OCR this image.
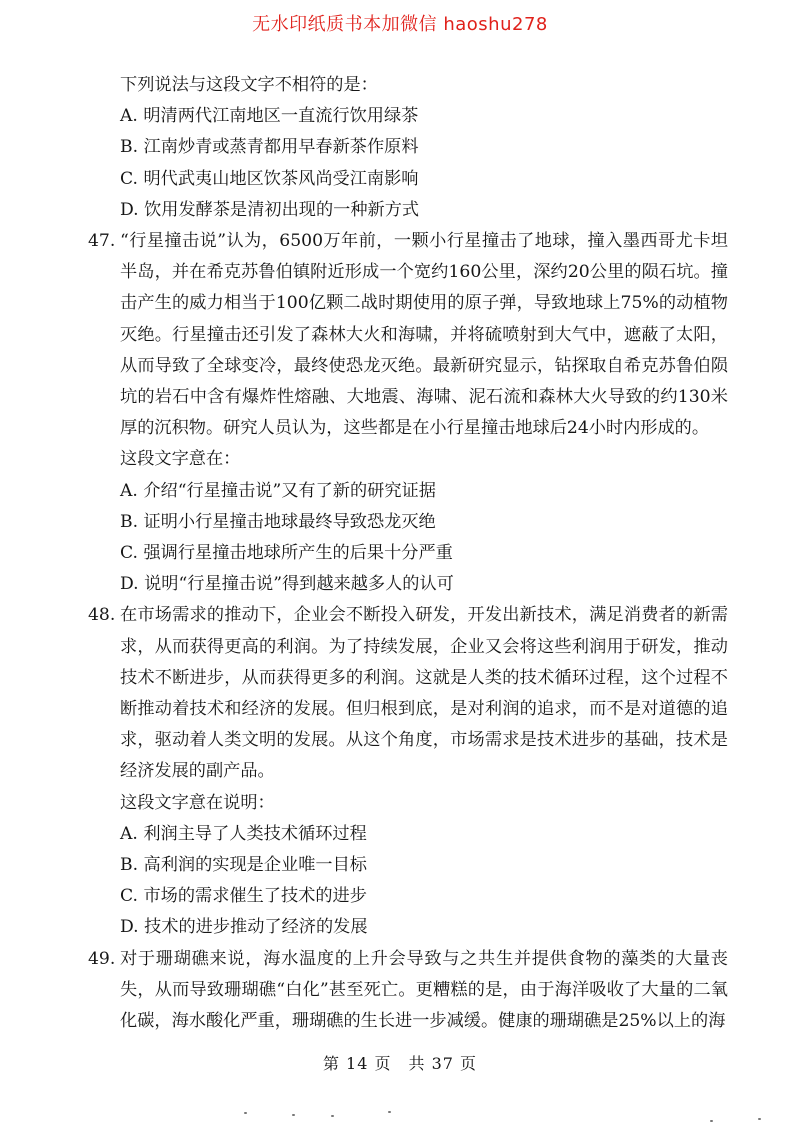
无水印纸质书本加微信 haoshu278

下列说法与这段文字不相符的是：

A. 明清两代江南地区一直流行饮用绿茶

B. 江南炒青或蒸青都用早春新茶作原料

C. 明代武夷山地区饮茶风尚受江南影响

D. 饮用发酵茶是清初出现的一种新方式

47. “行星撞击说”认为，6500万年前，一颗小行星撞击了地球，撞入墨西哥尤卡坦半岛，并在希克苏鲁伯镇附近形成一个宽约160公里，深约20公里的陨石坑。撞击产生的威力相当于100亿颗二战时期使用的原子弹，导致地球上75%的动植物灭绝。行星撞击还引发了森林大火和海啸，并将硫喷射到大气中，遮蔽了太阳，从而导致了全球变冷，最终使恐龙灭绝。最新研究显示，钻探取自希克苏鲁伯陨坑的岩石中含有爆炸性熔融、大地震、海啸、泥石流和森林大火导致的约130米厚的沉积物。研究人员认为，这些都是在小行星撞击地球后24小时内形成的。

这段文字意在：

A. 介绍“行星撞击说”又有了新的研究证据

B. 证明小行星撞击地球最终导致恐龙灭绝

C. 强调行星撞击地球所产生的后果十分严重

D. 说明“行星撞击说”得到越来越多人的认可

48. 在市场需求的推动下，企业会不断投入研发，开发出新技术，满足消费者的新需求，从而获得更高的利润。为了持续发展，企业又会将这些利润用于研发，推动技术不断进步，从而获得更多的利润。这就是人类的技术循环过程，这个过程不断推动着技术和经济的发展。但归根到底，是对利润的追求，而不是对道德的追求，驱动着人类文明的发展。从这个角度，市场需求是技术进步的基础，技术是经济发展的副产品。

这段文字意在说明：

A. 利润主导了人类技术循环过程

B. 高利润的实现是企业唯一目标

C. 市场的需求催生了技术的进步

D. 技术的进步推动了经济的发展

49. 对于珊瑚礁来说，海水温度的上升会导致与之共生并提供食物的藻类的大量丧失，从而导致珊瑚礁“白化”甚至死亡。更糟糕的是，由于海洋吸收了大量的二氧化碳，海水酸化严重，珊瑚礁的生长进一步减缓。健康的珊瑚礁是25%以上的海
第 14 页　共 37 页
